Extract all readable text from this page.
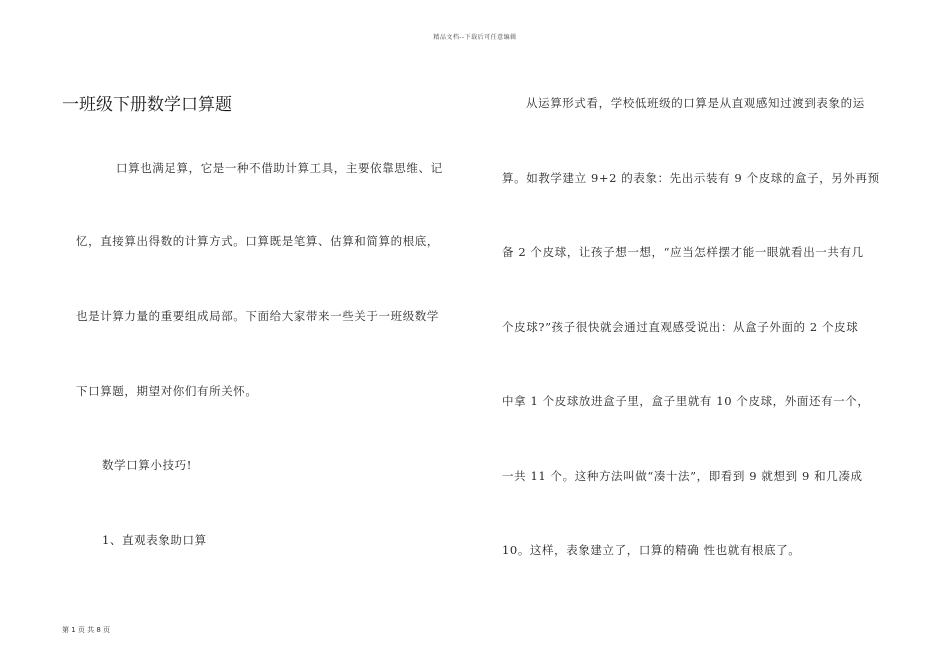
精品文档--下载后可任意编辑
一班级下册数学口算题
口算也满足算，它是一种不借助计算工具，主要依靠思维、记
忆，直接算出得数的计算方式。口算既是笔算、估算和简算的根底，
也是计算力量的重要组成局部。下面给大家带来一些关于一班级数学
下口算题，期望对你们有所关怀。
数学口算小技巧!
1、直观表象助口算
从运算形式看，学校低班级的口算是从直观感知过渡到表象的运
算。如教学建立 9+2 的表象：先出示装有 9 个皮球的盒子，另外再预
备 2 个皮球，让孩子想一想，“应当怎样摆才能一眼就看出一共有几
个皮球?”孩子很快就会通过直观感受说出：从盒子外面的 2 个皮球
中拿 1 个皮球放进盒子里，盒子里就有 10 个皮球，外面还有一个，
一共 11 个。这种方法叫做“凑十法”，即看到 9 就想到 9 和几凑成
10。这样，表象建立了，口算的精确 性也就有根底了。
第 1 页 共 8 页
